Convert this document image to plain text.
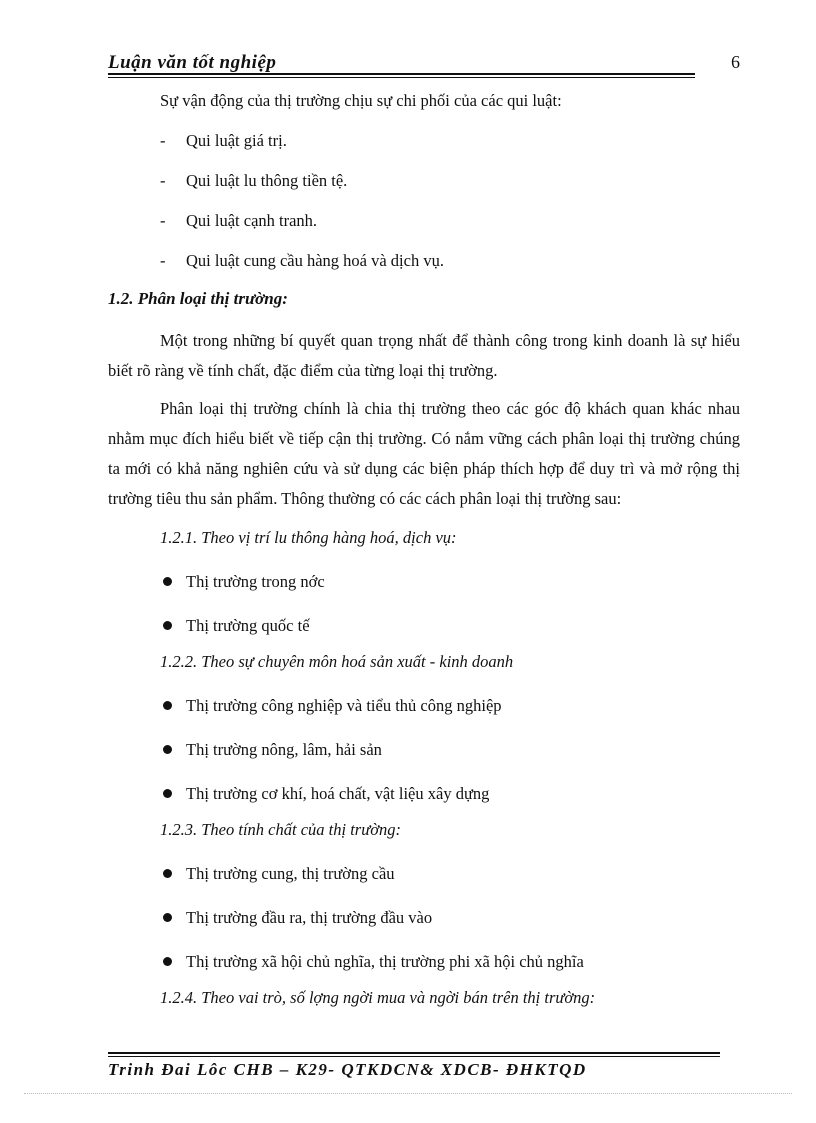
Luận văn tốt nghiệp	6

Sự vận động của thị trường chịu sự chi phối của các qui luật:

- Qui luật giá trị.

- Qui luật lu thông tiền tệ.

- Qui luật cạnh tranh.

- Qui luật cung cầu hàng hoá và dịch vụ.

1.2. Phân loại thị trường:

Một trong những bí quyết quan trọng nhất để thành công trong kinh doanh là sự hiểu biết rõ ràng về tính chất, đặc điểm của từng loại thị trường.

Phân loại thị trường chính là chia thị trường theo các góc độ khách quan khác nhau nhằm mục đích hiểu biết về tiếp cận thị trường. Có nắm vững cách phân loại thị trường chúng ta mới có khả năng nghiên cứu và sử dụng các biện pháp thích hợp để duy trì và mở rộng thị trường tiêu thu sản phẩm. Thông thường có các cách phân loại thị trường sau:

1.2.1. Theo vị trí lu thông hàng hoá, dịch vụ:

Thị trường trong nớc

Thị trường quốc tế

1.2.2. Theo sự chuyên môn hoá sản xuất - kinh doanh

Thị trường công nghiệp và tiểu thủ công nghiệp

Thị trường nông, lâm, hải sản

Thị trường cơ khí, hoá chất, vật liệu xây dựng

1.2.3. Theo tính chất của thị trường:

Thị trường cung, thị trường cầu

Thị trường đầu ra, thị trường đầu vào

Thị trường xã hội chủ nghĩa, thị trường phi xã hội chủ nghĩa

1.2.4. Theo vai trò, số lợng ngời mua và ngời bán trên thị trường:

Trinh Đai Lôc CHB – K29- QTKDCN& XDCB- ĐHKTQD
